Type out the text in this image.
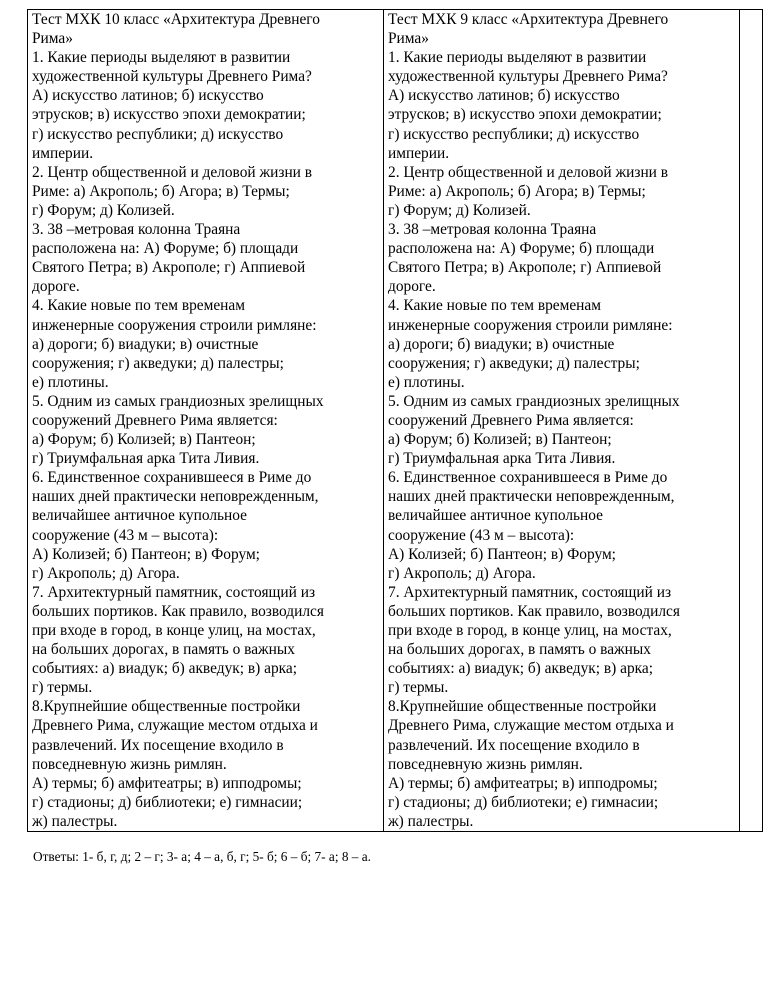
Тест МХК 10 класс «Архитектура Древнего
Рима»
1. Какие периоды выделяют в развитии
художественной культуры Древнего Рима?
А) искусство латинов; б) искусство
этрусков; в) искусство эпохи демократии;
г) искусство республики; д) искусство
империи.
2. Центр общественной и деловой жизни в
Риме: а) Акрополь; б) Агора; в) Термы;
г) Форум; д) Колизей.
3. 38 –метровая колонна Траяна
расположена на: А) Форуме; б) площади
Святого Петра; в) Акрополе; г) Аппиевой
дороге.
4. Какие новые по тем временам
инженерные сооружения строили римляне:
а) дороги; б) виадуки; в) очистные
сооружения; г) акведуки; д) палестры;
е) плотины.
5. Одним из самых грандиозных зрелищных
сооружений Древнего Рима является:
а) Форум; б) Колизей; в) Пантеон;
г) Триумфальная арка Тита Ливия.
6. Единственное сохранившееся в Риме до
наших дней практически неповрежденным,
величайшее античное купольное
сооружение (43 м – высота):
А) Колизей; б) Пантеон; в) Форум;
г) Акрополь; д) Агора.
7. Архитектурный памятник, состоящий из
больших портиков. Как правило, возводился
при входе в город, в конце улиц, на мостах,
на больших дорогах, в память о важных
событиях: а) виадук; б) акведук; в) арка;
г) термы.
8.Крупнейшие общественные постройки
Древнего Рима, служащие местом отдыха и
развлечений. Их посещение входило в
повседневную жизнь римлян.
А) термы; б) амфитеатры; в) ипподромы;
г) стадионы; д) библиотеки; е) гимнасии;
ж) палестры.

Тест МХК 9 класс «Архитектура Древнего
Рима»
1. Какие периоды выделяют в развитии
художественной культуры Древнего Рима?
А) искусство латинов; б) искусство
этрусков; в) искусство эпохи демократии;
г) искусство республики; д) искусство
империи.
2. Центр общественной и деловой жизни в
Риме: а) Акрополь; б) Агора; в) Термы;
г) Форум; д) Колизей.
3. 38 –метровая колонна Траяна
расположена на: А) Форуме; б) площади
Святого Петра; в) Акрополе; г) Аппиевой
дороге.
4. Какие новые по тем временам
инженерные сооружения строили римляне:
а) дороги; б) виадуки; в) очистные
сооружения; г) акведуки; д) палестры;
е) плотины.
5. Одним из самых грандиозных зрелищных
сооружений Древнего Рима является:
а) Форум; б) Колизей; в) Пантеон;
г) Триумфальная арка Тита Ливия.
6. Единственное сохранившееся в Риме до
наших дней практически неповрежденным,
величайшее античное купольное
сооружение (43 м – высота):
А) Колизей; б) Пантеон; в) Форум;
г) Акрополь; д) Агора.
7. Архитектурный памятник, состоящий из
больших портиков. Как правило, возводился
при входе в город, в конце улиц, на мостах,
на больших дорогах, в память о важных
событиях: а) виадук; б) акведук; в) арка;
г) термы.
8.Крупнейшие общественные постройки
Древнего Рима, служащие местом отдыха и
развлечений. Их посещение входило в
повседневную жизнь римлян.
А) термы; б) амфитеатры; в) ипподромы;
г) стадионы; д) библиотеки; е) гимнасии;
ж) палестры.

Ответы: 1- б, г, д; 2 – г; 3- а; 4 – а, б, г; 5- б; 6 – б; 7- а; 8 – а.
